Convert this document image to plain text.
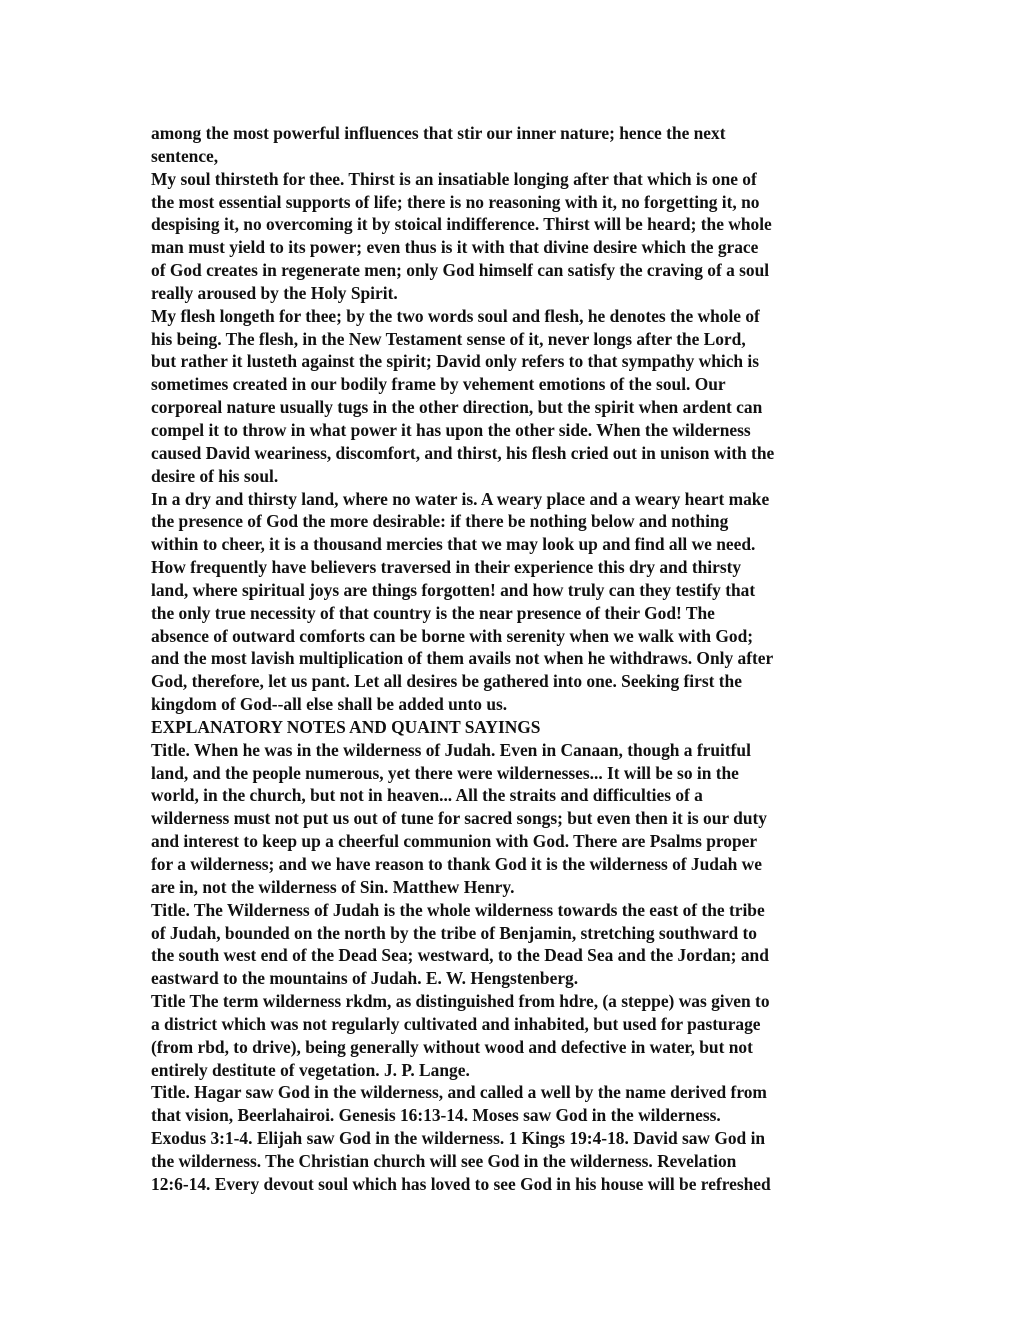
among the most powerful influences that stir our inner nature; hence the next
sentence,
My soul thirsteth for thee. Thirst is an insatiable longing after that which is one of
the most essential supports of life; there is no reasoning with it, no forgetting it, no
despising it, no overcoming it by stoical indifference. Thirst will be heard; the whole
man must yield to its power; even thus is it with that divine desire which the grace
of God creates in regenerate men; only God himself can satisfy the craving of a soul
really aroused by the Holy Spirit.
My flesh longeth for thee; by the two words soul and flesh, he denotes the whole of
his being. The flesh, in the New Testament sense of it, never longs after the Lord,
but rather it lusteth against the spirit; David only refers to that sympathy which is
sometimes created in our bodily frame by vehement emotions of the soul. Our
corporeal nature usually tugs in the other direction, but the spirit when ardent can
compel it to throw in what power it has upon the other side. When the wilderness
caused David weariness, discomfort, and thirst, his flesh cried out in unison with the
desire of his soul.
In a dry and thirsty land, where no water is. A weary place and a weary heart make
the presence of God the more desirable: if there be nothing below and nothing
within to cheer, it is a thousand mercies that we may look up and find all we need.
How frequently have believers traversed in their experience this dry and thirsty
land, where spiritual joys are things forgotten! and how truly can they testify that
the only true necessity of that country is the near presence of their God! The
absence of outward comforts can be borne with serenity when we walk with God;
and the most lavish multiplication of them avails not when he withdraws. Only after
God, therefore, let us pant. Let all desires be gathered into one. Seeking first the
kingdom of God--all else shall be added unto us.
EXPLANATORY NOTES AND QUAINT SAYINGS
Title. When he was in the wilderness of Judah. Even in Canaan, though a fruitful
land, and the people numerous, yet there were wildernesses... It will be so in the
world, in the church, but not in heaven... All the straits and difficulties of a
wilderness must not put us out of tune for sacred songs; but even then it is our duty
and interest to keep up a cheerful communion with God. There are Psalms proper
for a wilderness; and we have reason to thank God it is the wilderness of Judah we
are in, not the wilderness of Sin. Matthew Henry.
Title. The Wilderness of Judah is the whole wilderness towards the east of the tribe
of Judah, bounded on the north by the tribe of Benjamin, stretching southward to
the south west end of the Dead Sea; westward, to the Dead Sea and the Jordan; and
eastward to the mountains of Judah. E. W. Hengstenberg.
Title The term wilderness rkdm, as distinguished from hdre, (a steppe) was given to
a district which was not regularly cultivated and inhabited, but used for pasturage
(from rbd, to drive), being generally without wood and defective in water, but not
entirely destitute of vegetation. J. P. Lange.
Title. Hagar saw God in the wilderness, and called a well by the name derived from
that vision, Beerlahairoi. Genesis 16:13-14. Moses saw God in the wilderness.
Exodus 3:1-4. Elijah saw God in the wilderness. 1 Kings 19:4-18. David saw God in
the wilderness. The Christian church will see God in the wilderness. Revelation
12:6-14. Every devout soul which has loved to see God in his house will be refreshed
